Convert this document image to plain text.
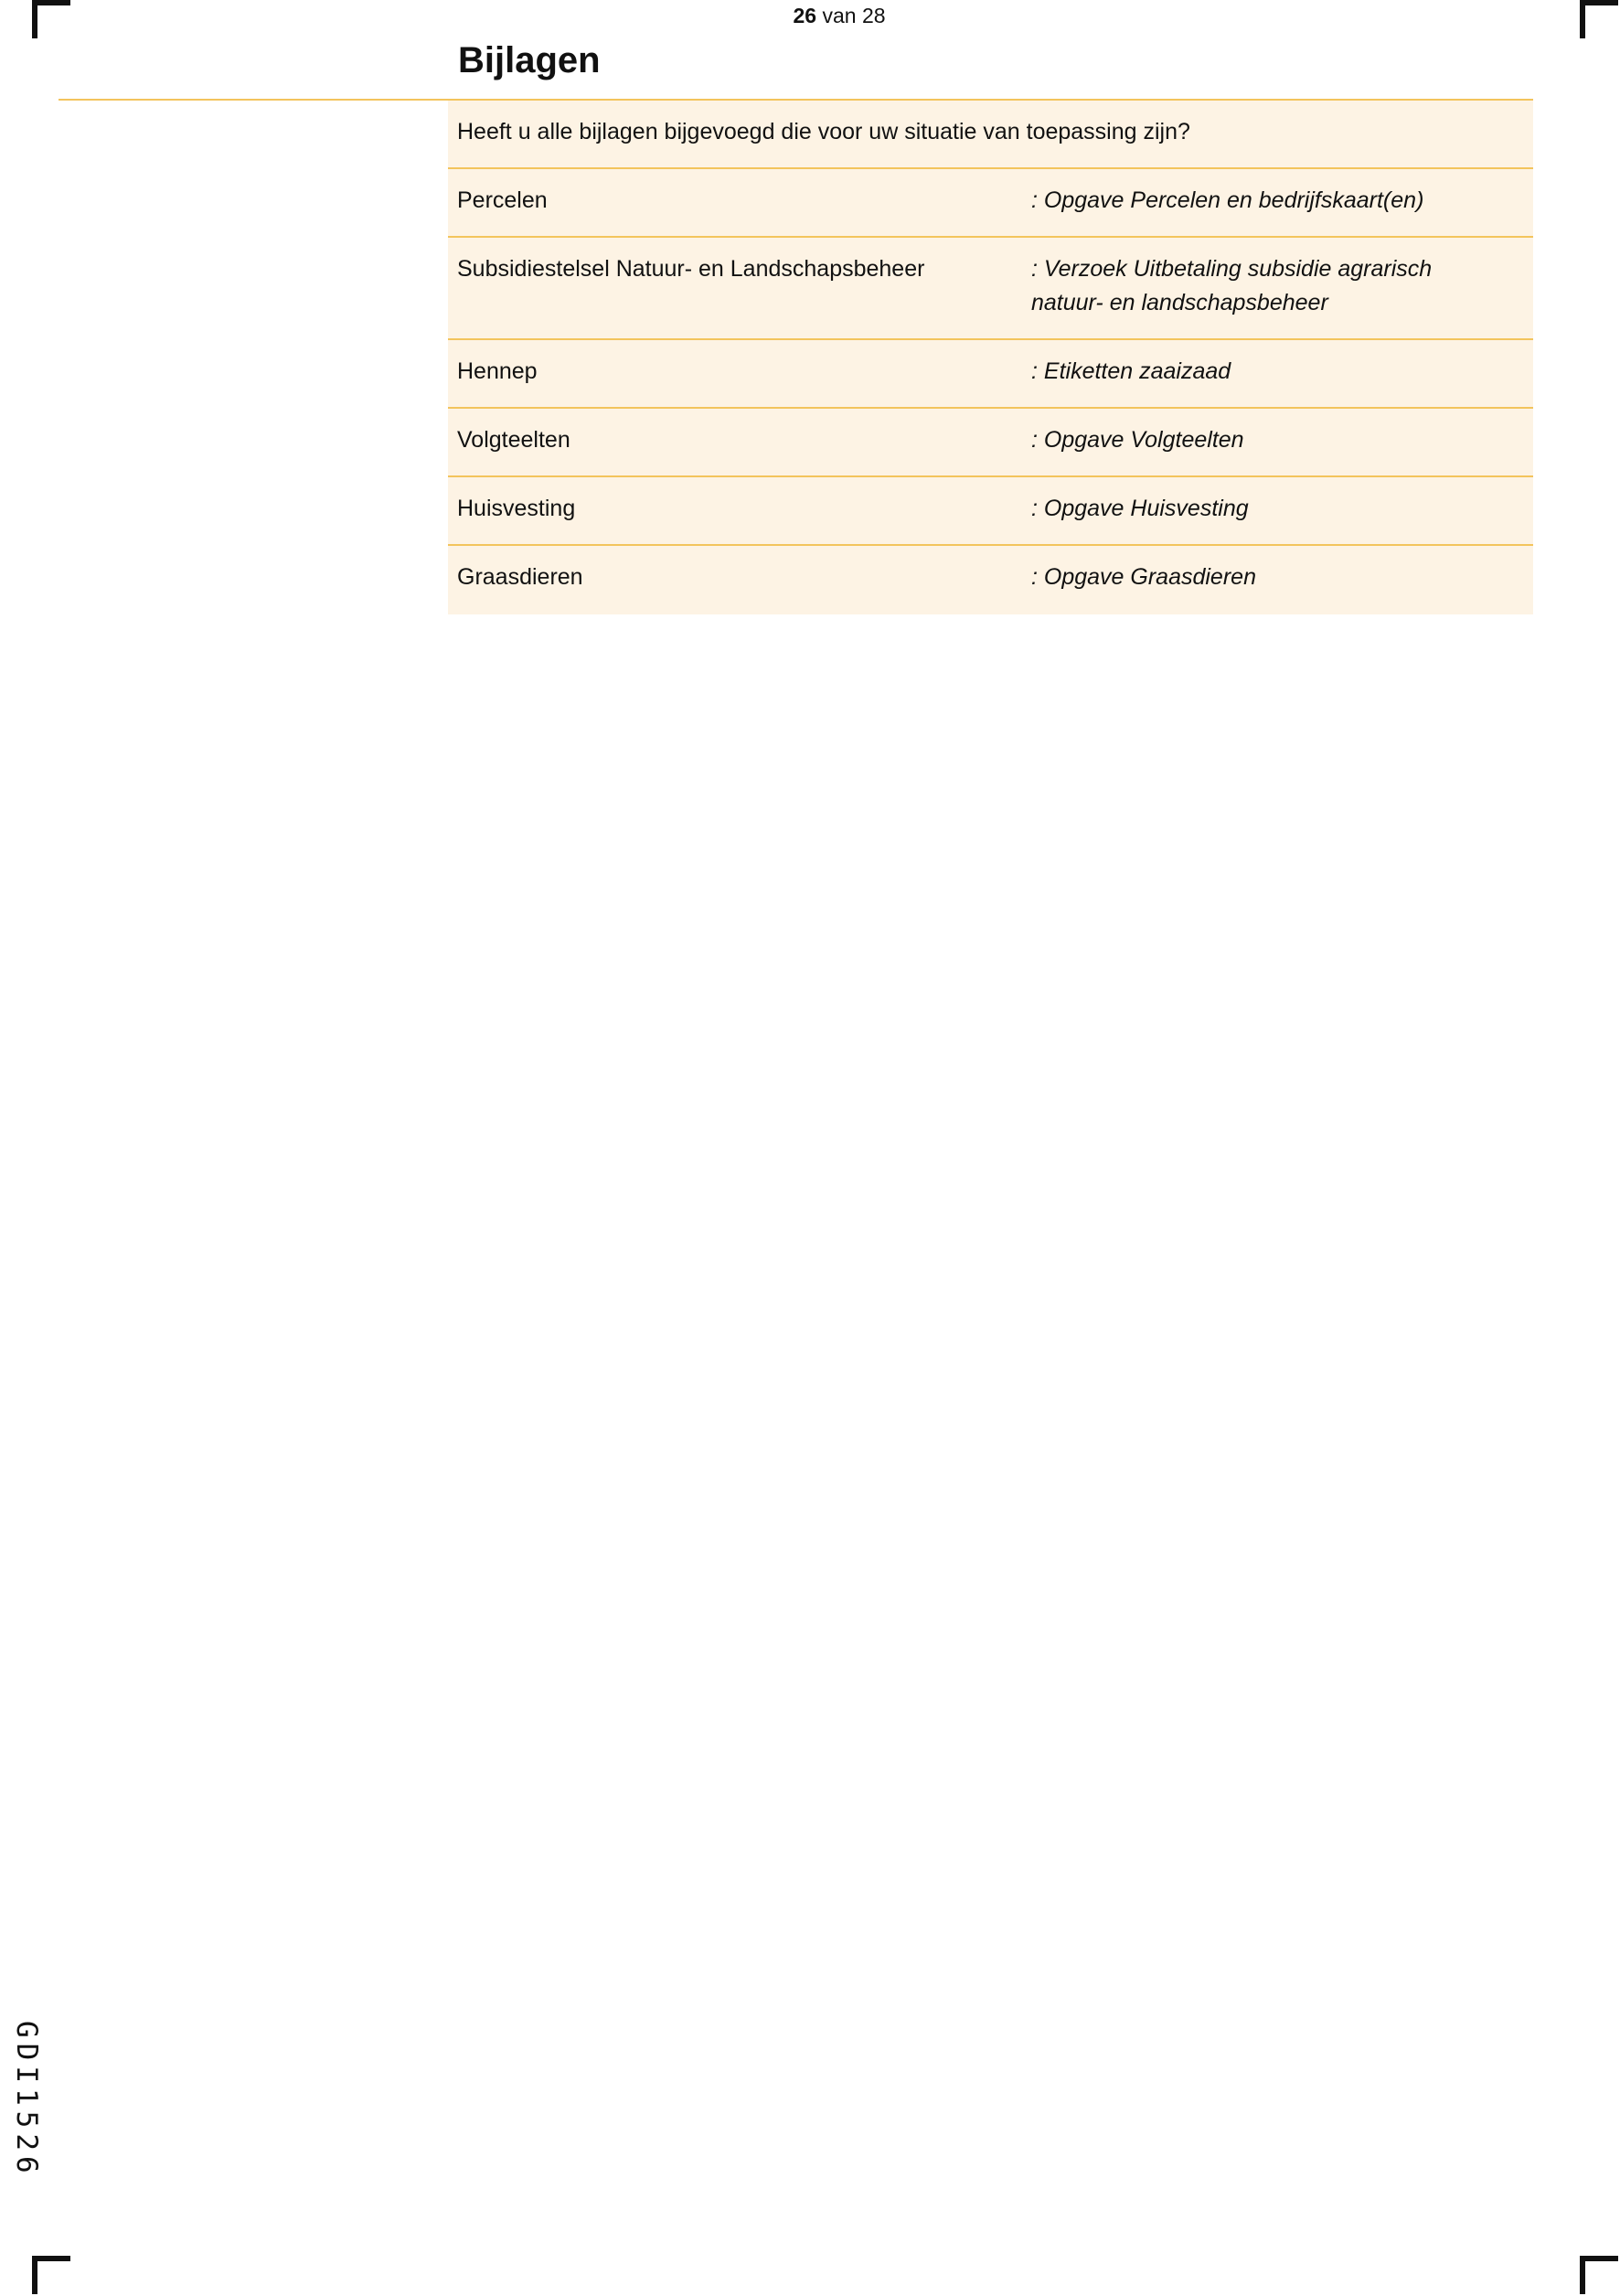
26 van 28
Bijlagen
Heeft u alle bijlagen bijgevoegd die voor uw situatie van toepassing zijn?
Percelen	: Opgave Percelen en bedrijfskaart(en)
Subsidiestelsel Natuur- en Landschapsbeheer	: Verzoek Uitbetaling subsidie agrarisch
natuur- en landschapsbeheer
Hennep	: Etiketten zaaizaad
Volgteelten	: Opgave Volgteelten
Huisvesting	: Opgave Huisvesting
Graasdieren	: Opgave Graasdieren
GDI1526
